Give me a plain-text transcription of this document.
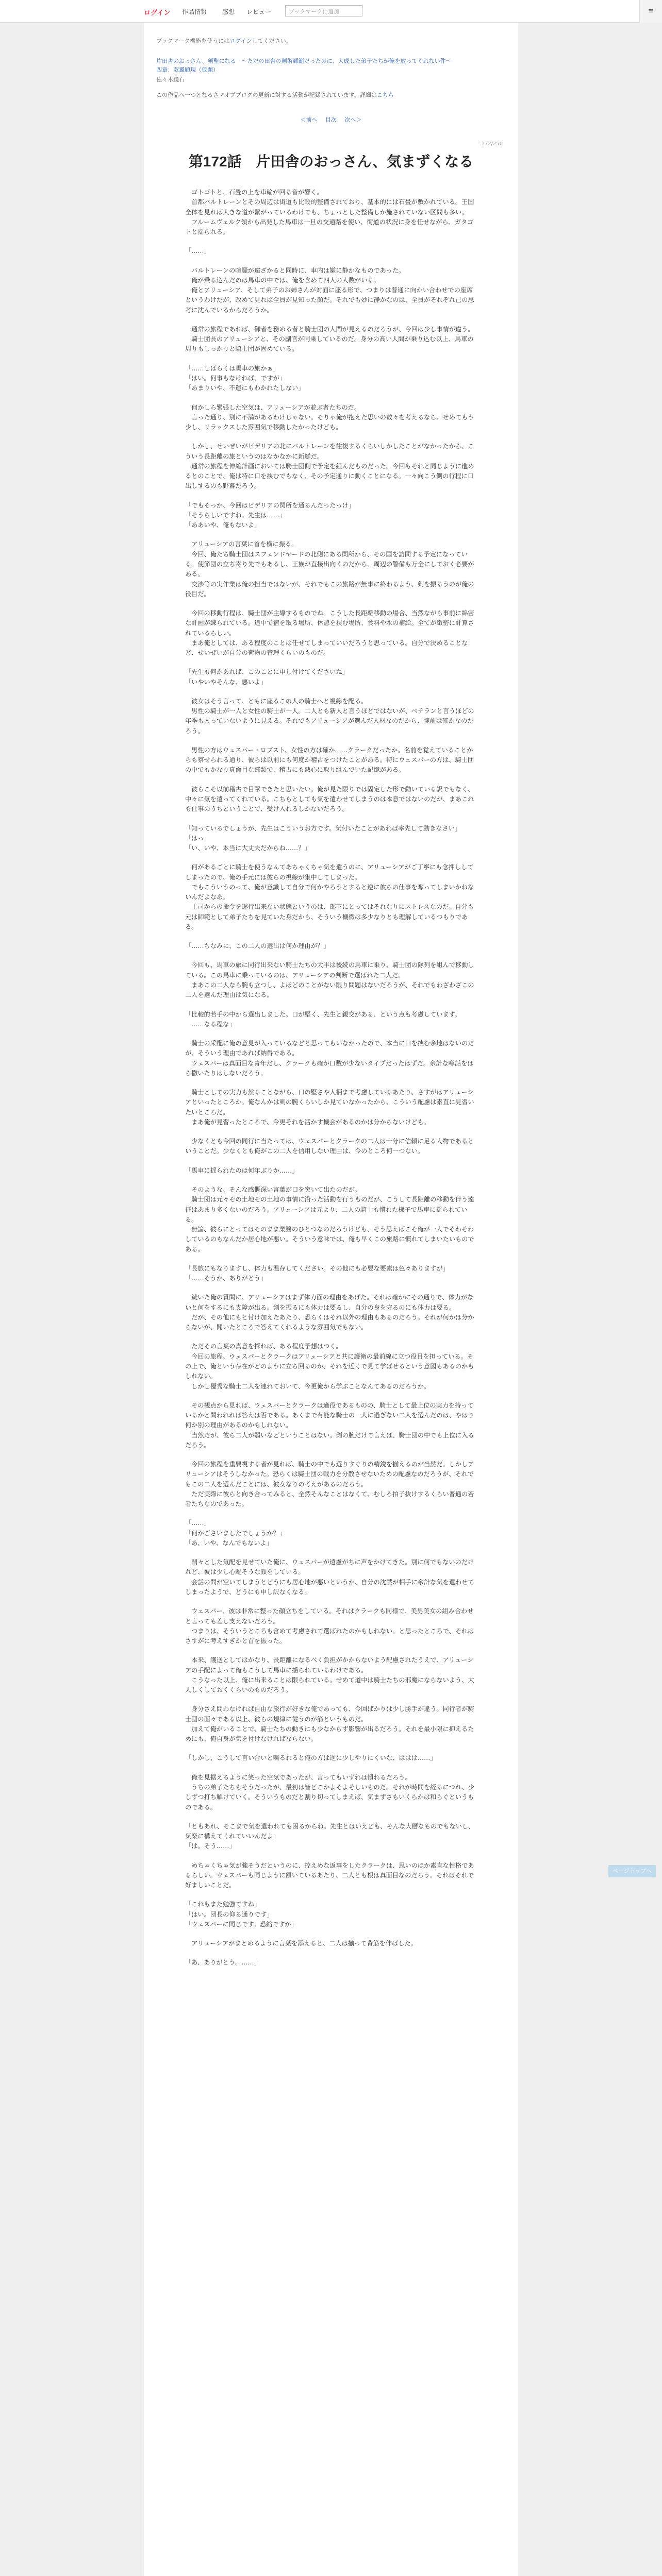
ログイン 作品情報 感想 レビュー	ブックマークに追加	≡
ブックマーク機能を使うにはログインしてください。
片田舎のおっさん、剣聖になる　～ただの田舎の剣術師範だったのに、大成した弟子たちが俺を放ってくれない件～
四章：双翼顕現（仮題）
佐々木鏡石
この作品へ一つとなるさマオプブログの更新に対する活動が記録されています。詳細はこちら
＜前へ 目次 次へ＞
172/250
第172話　片田舎のおっさん、気まずくなる

　ゴトゴトと、石畳の上を車輪が回る音が響く。
　首都バルトレーンとその周辺は街道も比較的整備されており、基本的には石畳が敷かれている。王国全体を見れば大きな道が繋がっているわけでも、ちょっとした整備しか施されていない区間も多い。
　フルームヴェルク領から出発した馬車は一旦の交通路を使い、街道の状況に身を任せながら、ガタゴトと揺られる。

「……」

　バルトレーンの喧騒が遠ざかると同時に、車内は嫌に静かなものであった。
　俺が乗る込んだのは馬車の中では、俺を含めて四人の人数がいる。
　俺とアリューシア、そして弟子のお姉さんが対面に座る形で、つまりは普通に向かい合わせでの座席というわけだが、改めて見れば全員が見知った顔だ。それでも妙に静かなのは、全員がそれぞれ己の思考に沈んでいるからだろうか。

　通常の旅程であれば、御者を務める者と騎士団の人間が見えるのだろうが、今回は少し事情が違う。
　騎士団長のアリューシアと、その副官が同乗しているのだ。身分の高い人間が乗り込む以上、馬車の周りもしっかりと騎士団が固めている。

「……しばらくは馬車の旅かぁ」
「はい。何事もなければ、ですが」
「あまりいや、不運にもわかれたしない」

　何かしら緊張した空気は、アリューシアが並ぶ者たちのだ。
　言った通り、別に不満があるわけじゃない。そりゃ俺が抱えた思いの数々を考えるなら、せめてもう少し、リラックスした雰囲気で移動したかったけども。

　しかし、せいぜいがビデリアの北にバルトレーンを往復するくらいしかしたことがなかったから、こういう長距離の旅というのはなかなかに新鮮だ。
　通常の旅程を伸縮計画においては騎士団側で予定を組んだものだった。今回もそれと同じように進めるとのことで、俺は特に口を挟むでもなく、その予定通りに動くことになる。一々向こう側の行程に口出しするのも野暮だろう。

「でもそっか、今回はビデリアの関所を通るんだったっけ」
「そうらしいですね。先生は……」
「ああいや、俺もないよ」

　アリューシアの言葉に首を横に振る。
　今回、俺たち騎士団はスフェンドヤードの北側にある関所から、その国を訪問する予定になっている。使節団の立ち寄り先でもあるし、王族が直接出向くのだから、周辺の警備も万全にしておく必要がある。
　交渉等の実作業は俺の担当ではないが、それでもこの旅路が無事に終わるよう、剣を振るうのが俺の役目だ。

　今回の移動行程は、騎士団が主導するものでね。こうした長距離移動の場合、当然ながら事前に綿密な計画が練られている。道中で宿を取る場所、休憩を挟む場所、食料や水の補給。全てが緻密に計算されているらしい。
　まあ俺としては、ある程度のことは任せてしまっていいだろうと思っている。自分で決めることなど、せいぜいが自分の荷物の管理くらいのものだ。

「先生も何かあれば、このことに申し付けてくださいね」
「いやいやそんな、悪いよ」

　彼女はそう言って、ともに座るこの人の騎士へと視線を配る。
　男性の騎士が一人と女性の騎士が一人。二人とも新人と言うほどではないが、ベテランと言うほどの年季も入っていないように見える。それでもアリューシアが選んだ人材なのだから、腕前は確かなのだろう。

　男性の方はウェスパー・ロブスト、女性の方は確か……クラークだったか。名前を覚えていることからも察せられる通り、彼らは以前にも何度か稽古をつけたことがある。特にウェスパーの方は、騎士団の中でもかなり真面目な部類で、稽古にも熱心に取り組んでいた記憶がある。

　彼らこそ以前稽古で目撃できたと思いたい。俺が見た限りでは固定した形で動いている訳でもなく、中々に気を遣ってくれている。こちらとしても気を遣わせてしまうのは本意ではないのだが、まあこれも仕事のうちということで、受け入れるしかないだろう。

「知っているでしょうが、先生はこういうお方です。気付いたことがあれば率先して動きなさい」
「はっ」
「い、いや、本当に大丈夫だからね……？」

　何があるごとに騎士を使うなんてあちゃくちゃ気を遣うのに、アリューシアがご丁寧にも念押ししてしまったので、俺の手元には彼らの視線が集中してしまった。
　でもこういうのって、俺が意識して自分で何かやろうとすると逆に彼らの仕事を奪ってしまいかねないんだよなあ。
　上司からの命令を遂行出来ない状態というのは、部下にとってはそれなりにストレスなのだ。自分も元は師範として弟子たちを見ていた身だから、そういう機微は多少なりとも理解しているつもりである。

「……ちなみに、この二人の選出は何か理由が？」

　今回も、馬車の旅に同行出来ない騎士たちの大半は後続の馬車に乗り、騎士団の隊列を組んで移動している。この馬車に乗っているのは、アリューシアの判断で選ばれた二人だ。
　まあこの二人なら腕も立つし、よほどのことがない限り問題はないだろうが、それでもわざわざこの二人を選んだ理由は気になる。

「比較的若手の中から選出しました。口が堅く、先生と親交がある、という点も考慮しています。
　……なる程な」

　騎士の采配に俺の意見が入っているなどと思ってもいなかったので、本当に口を挟む余地はないのだが、そういう理由であれば納得である。
　ウェスパーは真面目な青年だし、クラークも確か口数が少ないタイプだったはずだ。余計な噂話をばら撒いたりはしないだろう。

　騎士としての実力も然ることながら、口の堅さや人柄まで考慮しているあたり、さすがはアリューシアといったところか。俺なんかは剣の腕くらいしか見ていなかったから、こういう配慮は素直に見習いたいところだ。
　まあ俺が見習ったところで、今更それを活かす機会があるのかは分からないけども。

　少なくとも今回の同行に当たっては、ウェスパーとクラークの二人は十分に信頼に足る人物であるということだ。少なくとも俺がこの二人を信用しない理由は、今のところ何一つない。

「馬車に揺られたのは何年ぶりか……」

　そのような、そんな感慨深い言葉が口を突いて出たのだが。
　騎士団は元々その土地その土地の事情に沿った活動を行うものだが、こうして長距離の移動を伴う遠征はあまり多くないのだろう。アリューシアは元より、二人の騎士も慣れた様子で馬車に揺られている。
　無論、彼らにとってはそのまま業務のひとつなのだろうけども、そう思えばこそ俺が一人でそわそわしているのもなんだか居心地が悪い。そういう意味では、俺も早くこの旅路に慣れてしまいたいものである。

「長旅にもなりますし、体力も温存してください。その他にも必要な要素は色々ありますが」
「……そうか、ありがとう」

　続いた俺の質問に、アリューシアはまず体力面の理由をあげた。それは確かにその通りで、体力がないと何をするにも支障が出る。剣を振るにも体力は要るし、自分の身を守るのにも体力は要る。
　だが、その他にもと付け加えたあたり、恐らくはそれ以外の理由もあるのだろう。それが何かは分からないが、聞いたところで答えてくれるような雰囲気でもない。

　ただその言葉の真意を探れば、ある程度予想はつく。
　今回の旅程、ウェスパーとクラークはアリューシアと共に護衛の最前線に立つ役目を担っている。その上で、俺という存在がどのように立ち回るのか、それを近くで見て学ばせるという意図もあるのかもしれない。
　しかし優秀な騎士二人を連れておいて、今更俺から学ぶことなんてあるのだろうか。

　その観点から見れば、ウェスパーとクラークは適役であるものの、騎士として最上位の実力を持っているかと問われれば答えは否である。あくまで有能な騎士の一人に過ぎない二人を選んだのは、やはり何か別の理由があるのかもしれない。
　当然だが、彼ら二人が弱いなどということはない。剣の腕だけで言えば、騎士団の中でも上位に入るだろう。

　今回の旅程を重要視する者が見れば、騎士の中でも選りすぐりの精鋭を揃えるのが当然だ。しかしアリューシアはそうしなかった。恐らくは騎士団の戦力を分散させないための配慮なのだろうが、それでもこの二人を選んだことには、彼女なりの考えがあるのだろう。
　ただ実際に彼らと向き合ってみると、全然そんなことはなくて、むしろ拍子抜けするくらい普通の若者たちなのであった。

「……」
「何かごさいましたでしょうか？」
「あ、いや、なんでもないよ」

　悶々とした気配を見せていた俺に、ウェスパーが遠慮がちに声をかけてきた。別に何でもないのだけれど、彼は少し心配そうな顔をしている。
　会話の間が空いてしまうとどうにも居心地が悪いというか、自分の沈黙が相手に余計な気を遣わせてしまったようで、どうにも申し訳なくなる。

　ウェスパー、彼は非常に整った顔立ちをしている。それはクラークも同様で、美男美女の組み合わせと言っても差し支えないだろう。
　つまりは、そういうところも含めて考慮されて選ばれたのかもしれない。と思ったところで、それはさすがに考えすぎかと首を振った。

　本来、護送としてはかなり、長距離になるべく負担がかからないよう配慮されたうえで、アリューシアの手配によって俺もこうして馬車に揺られているわけである。
　こうなった以上、俺に出来ることは限られている。せめて道中は騎士たちの邪魔にならないよう、大人しくしておくくらいのものだろう。

　身分さえ問わなければ自由な旅行が好きな俺であっても、今回ばかりは少し勝手が違う。同行者が騎士団の面々である以上、彼らの規律に従うのが筋というものだ。
　加えて俺がいることで、騎士たちの動きにも少なからず影響が出るだろう。それを最小限に抑えるためにも、俺自身が気を付けなければならない。

「しかし、こうして言い合いと喋るれると俺の方は逆に少しやりにくいな、ははは……」

　俺を見据えるように笑った空気であったが、言ってもいずれは慣れるだろう。
　うちの弟子たちもそうだったが、最初は皆どこかよそよそしいものだ。それが時間を経るにつれ、少しずつ打ち解けていく。そういうものだと割り切ってしまえば、気まずさもいくらかは和らぐというものである。

「ともあれ、そこまで気を遣われても困るからね。先生とはいえども、そんな大層なものでもないし、気楽に構えてくれていいんだよ」
「は。そう……」

　めちゃくちゃ気が強そうだというのに、控えめな返事をしたクラークは、思いのほか素直な性格であるらしい。ウェスパーも同じように頷いているあたり、二人とも根は真面目なのだろう。それはそれで好ましいことだ。

「これもまた勉強ですね」
「はい。団長の仰る通りです」
「ウェスパーに同じです。恐縮ですが」

　アリューシアがまとめるように言葉を添えると、二人は揃って背筋を伸ばした。

「あ、ありがとう。……」

ページトップへ
